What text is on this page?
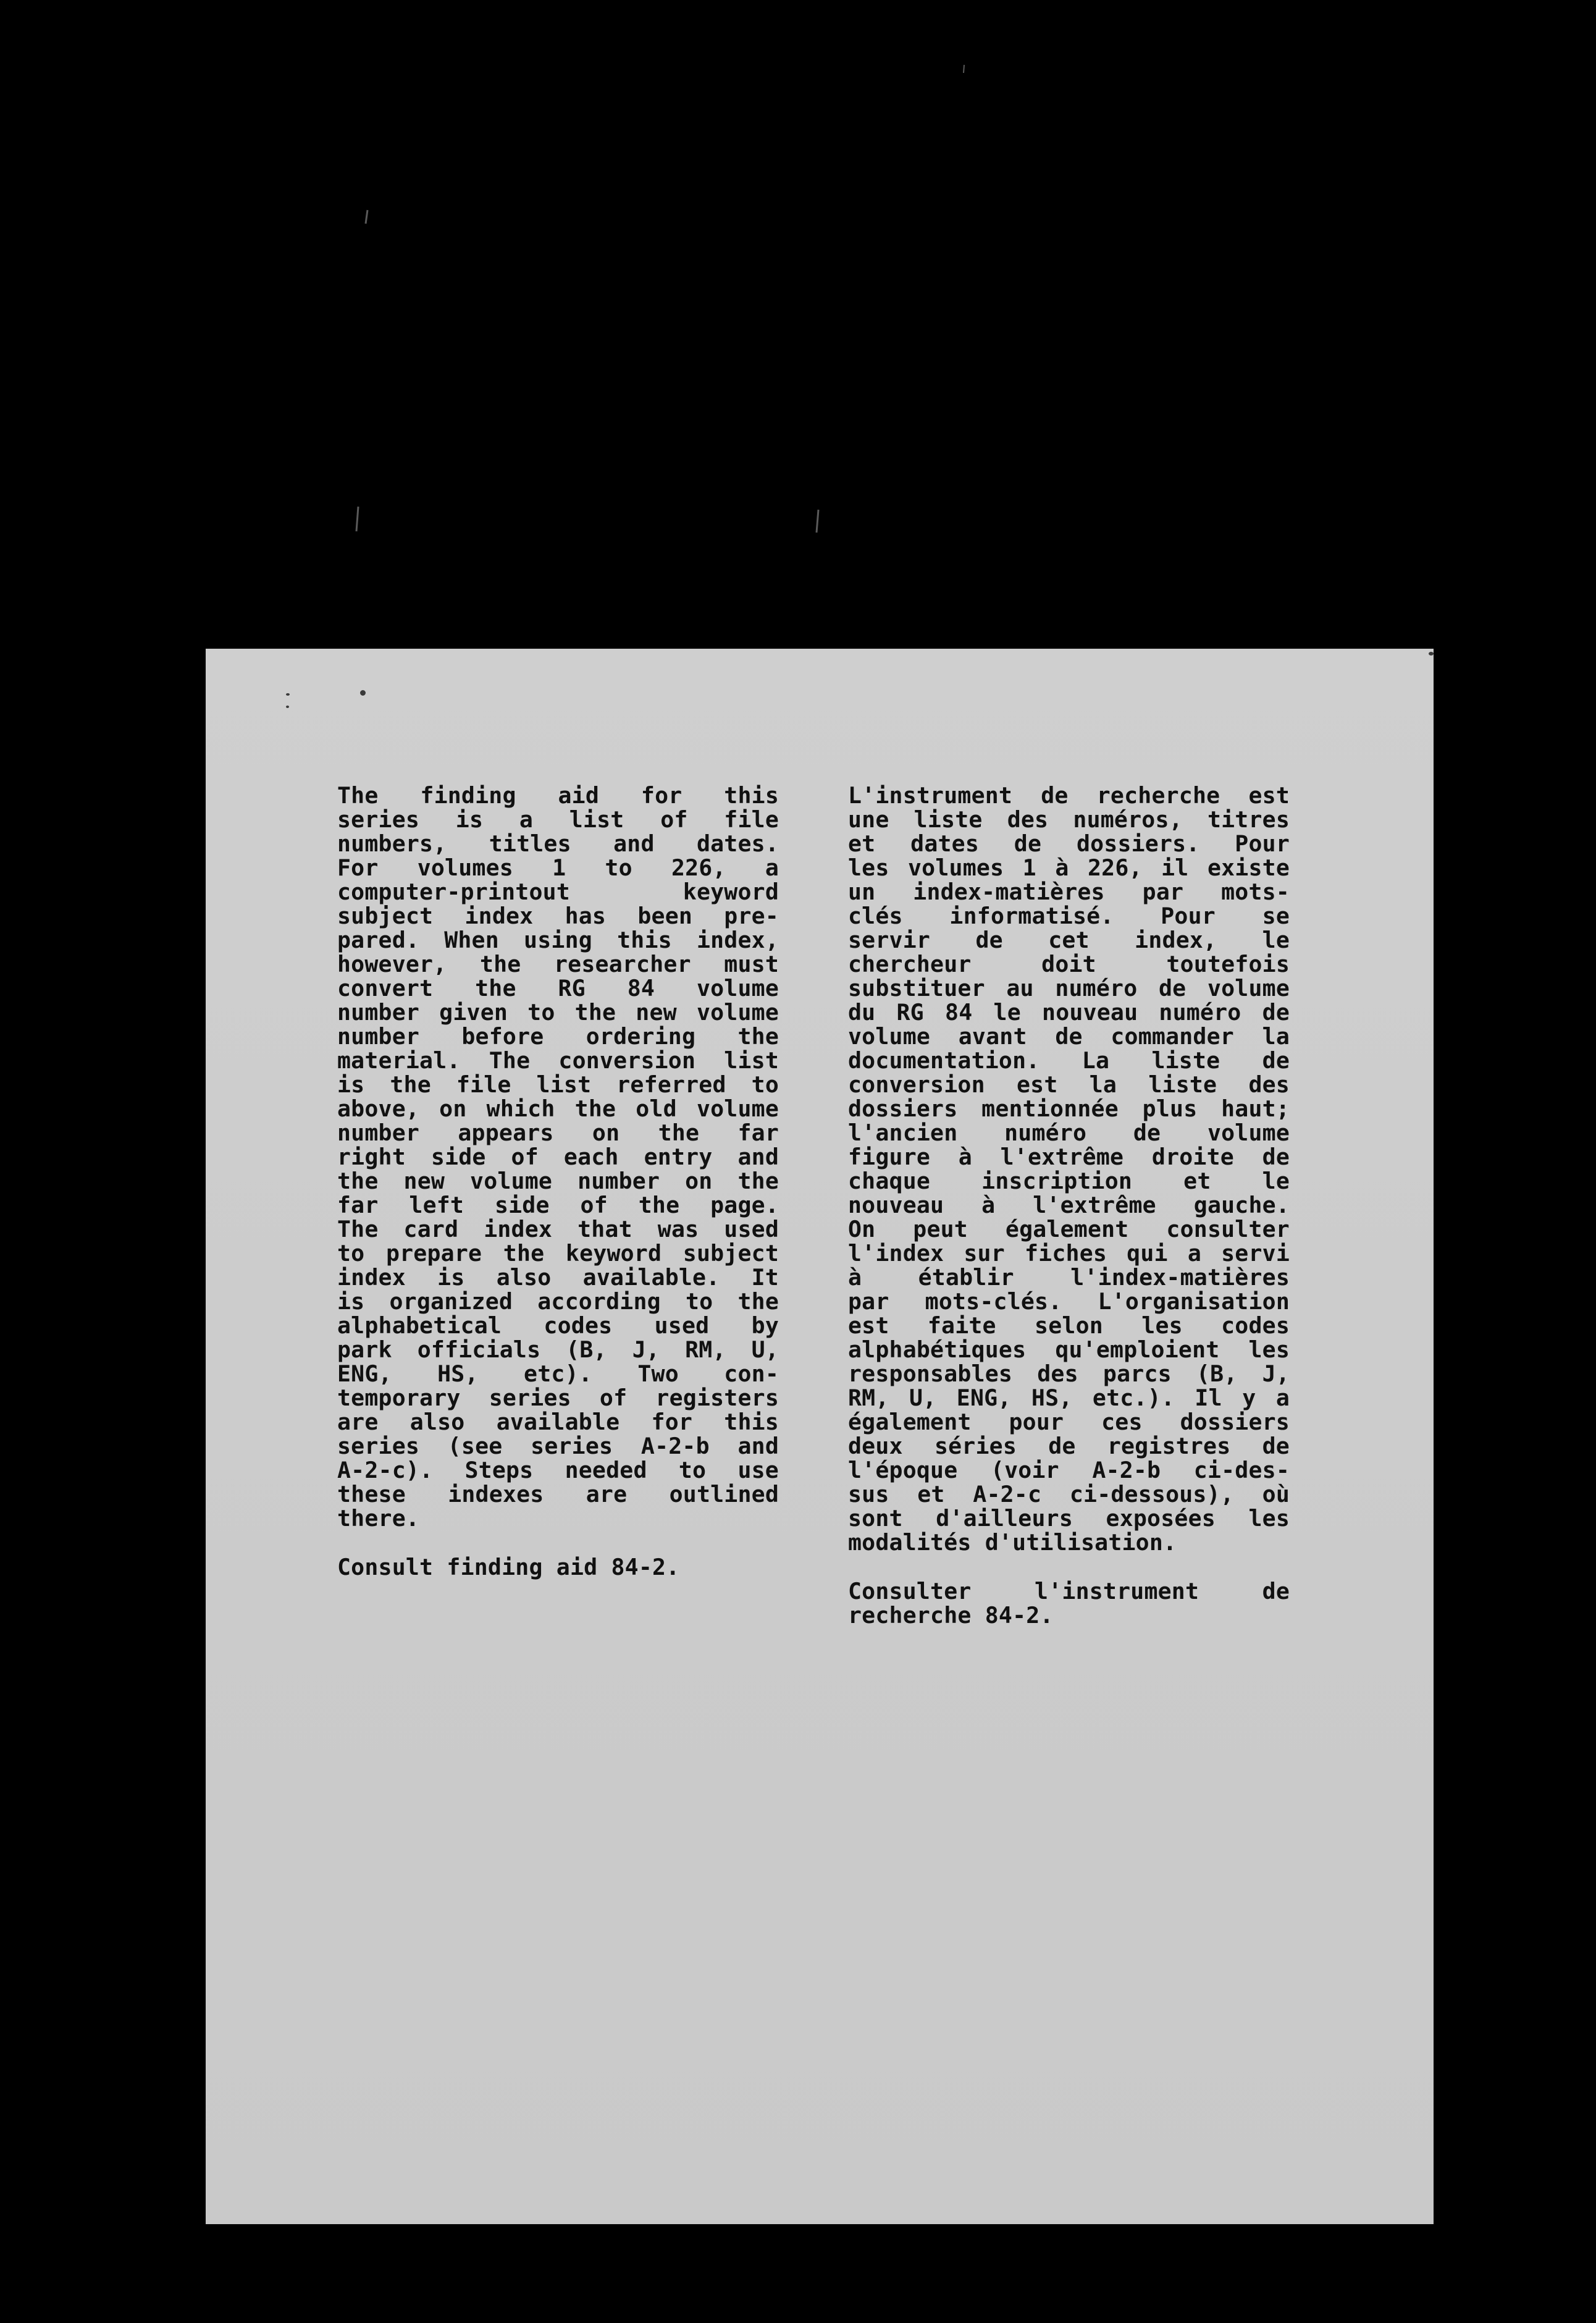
The finding aid for this
series is a list of file
numbers, titles and dates.
For volumes 1 to 226, a
computer-printout keyword
subject index has been pre-
pared. When using this index,
however, the researcher must
convert the RG 84 volume
number given to the new volume
number before ordering the
material. The conversion list
is the file list referred to
above, on which the old volume
number appears on the far
right side of each entry and
the new volume number on the
far left side of the page.
The card index that was used
to prepare the keyword subject
index is also available. It
is organized according to the
alphabetical codes used by
park officials (B, J, RM, U,
ENG, HS, etc). Two con-
temporary series of registers
are also available for this
series (see series A-2-b and
A-2-c). Steps needed to use
these indexes are outlined
there.
Consult finding aid 84-2.
L'instrument de recherche est
une liste des numéros, titres
et dates de dossiers. Pour
les volumes 1 à 226, il existe
un index-matières par mots-
clés informatisé. Pour se
servir de cet index, le
chercheur doit toutefois
substituer au numéro de volume
du RG 84 le nouveau numéro de
volume avant de commander la
documentation. La liste de
conversion est la liste des
dossiers mentionnée plus haut;
l'ancien numéro de volume
figure à l'extrême droite de
chaque inscription et le
nouveau à l'extrême gauche.
On peut également consulter
l'index sur fiches qui a servi
à établir l'index-matières
par mots-clés. L'organisation
est faite selon les codes
alphabétiques qu'emploient les
responsables des parcs (B, J,
RM, U, ENG, HS, etc.). Il y a
également pour ces dossiers
deux séries de registres de
l'époque (voir A-2-b ci-des-
sus et A-2-c ci-dessous), où
sont d'ailleurs exposées les
modalités d'utilisation.
Consulter l'instrument de
recherche 84-2.
